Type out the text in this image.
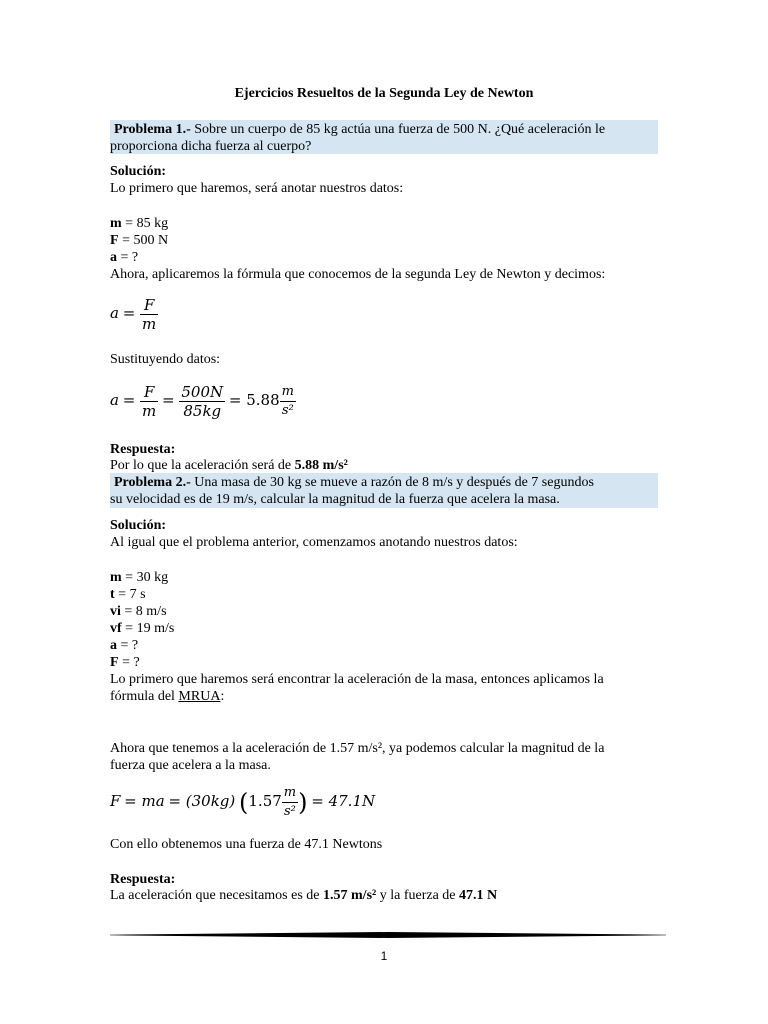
Ejercicios Resueltos de la Segunda Ley de Newton
Problema 1.- Sobre un cuerpo de 85 kg actúa una fuerza de 500 N. ¿Qué aceleración le
proporciona dicha fuerza al cuerpo?
Solución:
Lo primero que haremos, será anotar nuestros datos:
m = 85 kg
F = 500 N
a = ?
Ahora, aplicaremos la fórmula que conocemos de la segunda Ley de Newton y decimos:
$a = \frac{F}{m}$
Sustituyendo datos:
$a = \frac{F}{m} = \frac{500N}{85kg} = 5.88 \frac{m}{\text{s²}}$
Respuesta:
Por lo que la aceleración será de 5.88 m/s²
Problema 2.- Una masa de 30 kg se mueve a razón de 8 m/s y después de 7 segundos
su velocidad es de 19 m/s, calcular la magnitud de la fuerza que acelera la masa.
Solución:
Al igual que el problema anterior, comenzamos anotando nuestros datos:
m = 30 kg
t = 7 s
vi = 8 m/s
vf = 19 m/s
a = ?
F = ?
Lo primero que haremos será encontrar la aceleración de la masa, entonces aplicamos la
fórmula del MRUA:
Ahora que tenemos a la aceleración de 1.57 m/s², ya podemos calcular la magnitud de la
fuerza que acelera a la masa.
F = ma = (30kg) ($1.57 \frac{m}{\text{s²}}$ ) = 47.1N
Con ello obtenemos una fuerza de 47.1 Newtons
Respuesta:
La aceleración que necesitamos es de 1.57 m/s² y la fuerza de 47.1 N
1
